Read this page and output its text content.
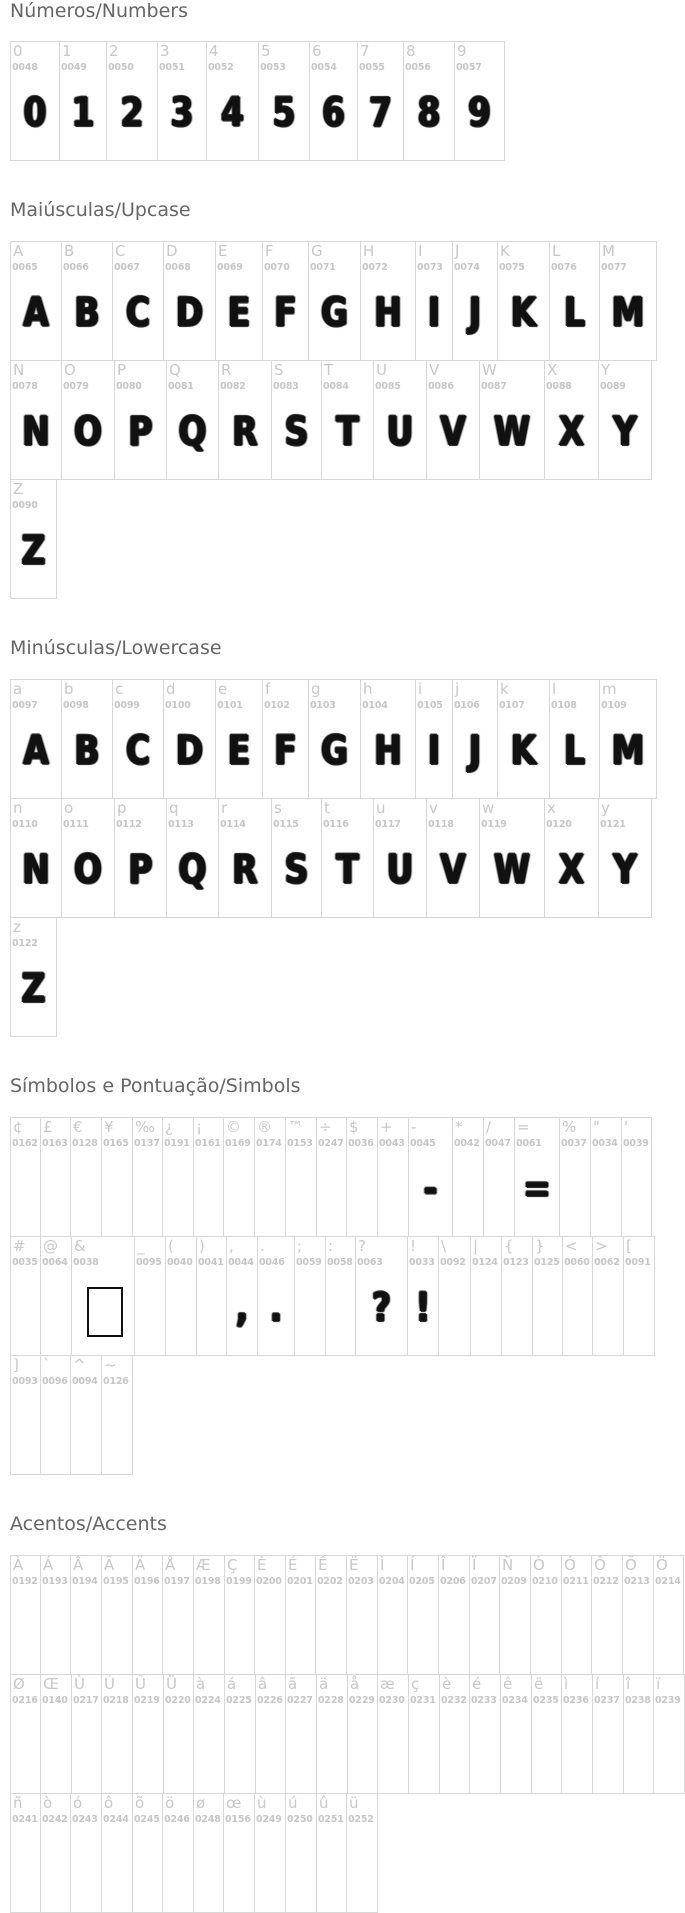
Números/Numbers
0
0048
0
1
0049
1
2
0050
2
3
0051
3
4
0052
4
5
0053
5
6
0054
6
7
0055
7
8
0056
8
9
0057
9
Maiúsculas/Upcase
A
0065
A
B
0066
B
C
0067
C
D
0068
D
E
0069
E
F
0070
F
G
0071
G
H
0072
H
I
0073
I
J
0074
J
K
0075
K
L
0076
L
M
0077
M
N
0078
N
O
0079
O
P
0080
P
Q
0081
Q
R
0082
R
S
0083
S
T
0084
T
U
0085
U
V
0086
V
W
0087
W
X
0088
X
Y
0089
Y
Z
0090
Z
Minúsculas/Lowercase
a
0097
A
b
0098
B
c
0099
C
d
0100
D
e
0101
E
f
0102
F
g
0103
G
h
0104
H
i
0105
I
j
0106
J
k
0107
K
l
0108
L
m
0109
M
n
0110
N
o
0111
O
p
0112
P
q
0113
Q
r
0114
R
s
0115
S
t
0116
T
u
0117
U
v
0118
V
w
0119
W
x
0120
X
y
0121
Y
z
0122
Z
Símbolos e Pontuação/Simbols
¢
0162
£
0163
€
0128
¥
0165
‰
0137
¿
0191
¡
0161
©
0169
®
0174
™
0153
÷
0247
$
0036
+
0043
-
0045
-
*
0042
/
0047
=
0061
=
%
0037
"
0034
'
0039
#
0035
@
0064
&
0038
_
0095
(
0040
)
0041
,
0044
,
.
0046
.
;
0059
:
0058
?
0063
?
!
0033
!
\
0092
|
0124
{
0123
}
0125
<
0060
>
0062
[
0091
]
0093
`
0096
^
0094
~
0126
Acentos/Accents
À
0192
Á
0193
Â
0194
Ã
0195
Ä
0196
Å
0197
Æ
0198
Ç
0199
È
0200
É
0201
Ê
0202
Ë
0203
Ì
0204
Í
0205
Î
0206
Ï
0207
Ñ
0209
Ò
0210
Ó
0211
Ô
0212
Õ
0213
Ö
0214
Ø
0216
Œ
0140
Ù
0217
Ú
0218
Û
0219
Ü
0220
à
0224
á
0225
â
0226
ã
0227
ä
0228
å
0229
æ
0230
ç
0231
è
0232
é
0233
ê
0234
ë
0235
ì
0236
í
0237
î
0238
ï
0239
ñ
0241
ò
0242
ó
0243
ô
0244
õ
0245
ö
0246
ø
0248
œ
0156
ù
0249
ú
0250
û
0251
ü
0252
